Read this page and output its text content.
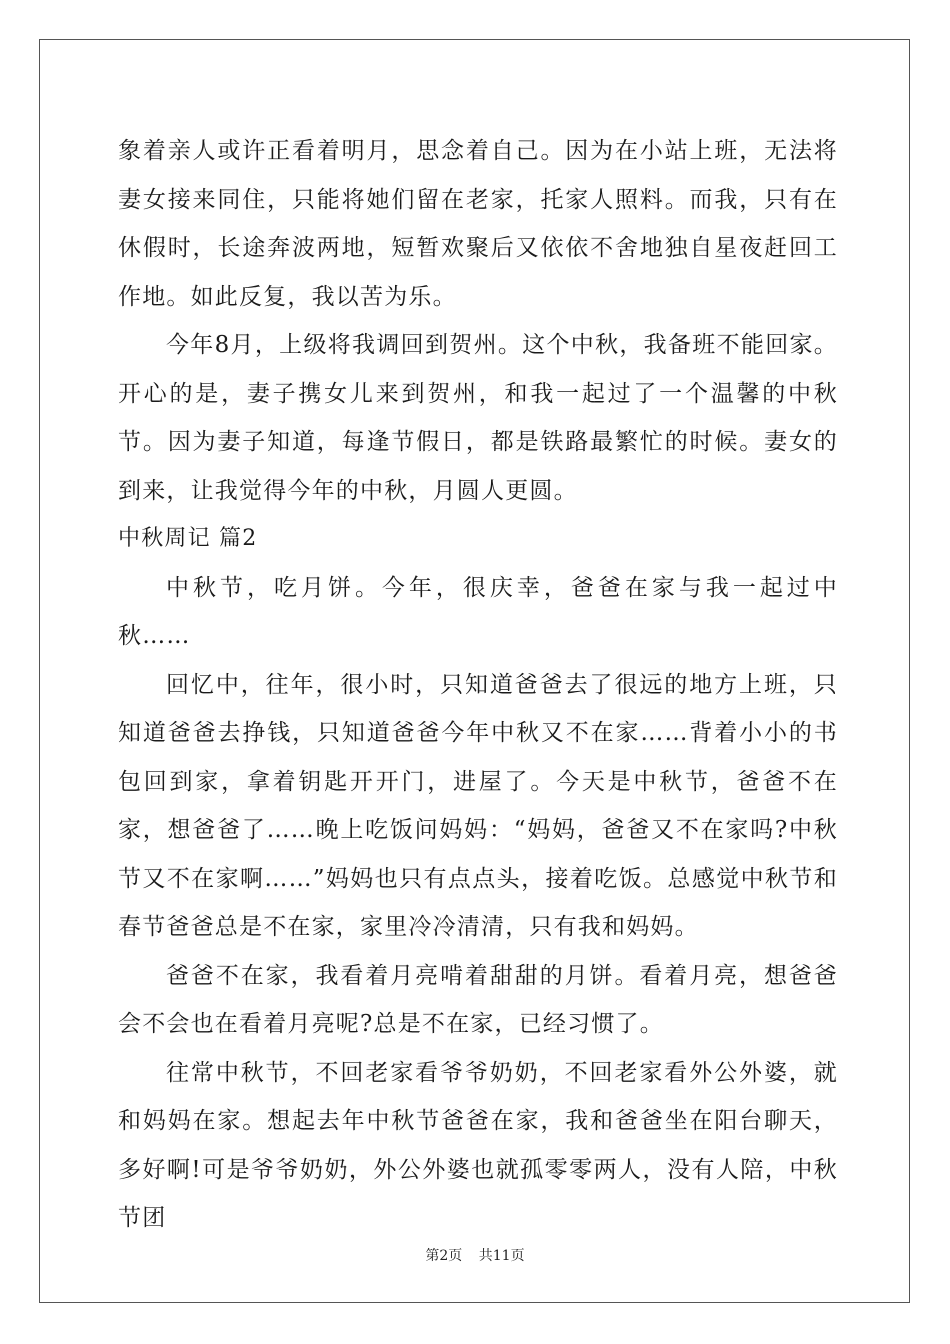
象着亲人或许正看着明月，思念着自己。因为在小站上班，无法将妻女接来同住，只能将她们留在老家，托家人照料。而我，只有在休假时，长途奔波两地，短暂欢聚后又依依不舍地独自星夜赶回工作地。如此反复，我以苦为乐。

今年8月，上级将我调回到贺州。这个中秋，我备班不能回家。开心的是，妻子携女儿来到贺州，和我一起过了一个温馨的中秋节。因为妻子知道，每逢节假日，都是铁路最繁忙的时候。妻女的到来，让我觉得今年的中秋，月圆人更圆。

中秋周记 篇2

中秋节，吃月饼。今年，很庆幸，爸爸在家与我一起过中秋……

回忆中，往年，很小时，只知道爸爸去了很远的地方上班，只知道爸爸去挣钱，只知道爸爸今年中秋又不在家……背着小小的书包回到家，拿着钥匙开开门，进屋了。今天是中秋节，爸爸不在家，想爸爸了……晚上吃饭问妈妈：“妈妈，爸爸又不在家吗?中秋节又不在家啊……”妈妈也只有点点头，接着吃饭。总感觉中秋节和春节爸爸总是不在家，家里冷冷清清，只有我和妈妈。

爸爸不在家，我看着月亮啃着甜甜的月饼。看着月亮，想爸爸会不会也在看着月亮呢?总是不在家，已经习惯了。

往常中秋节，不回老家看爷爷奶奶，不回老家看外公外婆，就和妈妈在家。想起去年中秋节爸爸在家，我和爸爸坐在阳台聊天，多好啊!可是爷爷奶奶，外公外婆也就孤零零两人，没有人陪，中秋节团

第2页 共11页
